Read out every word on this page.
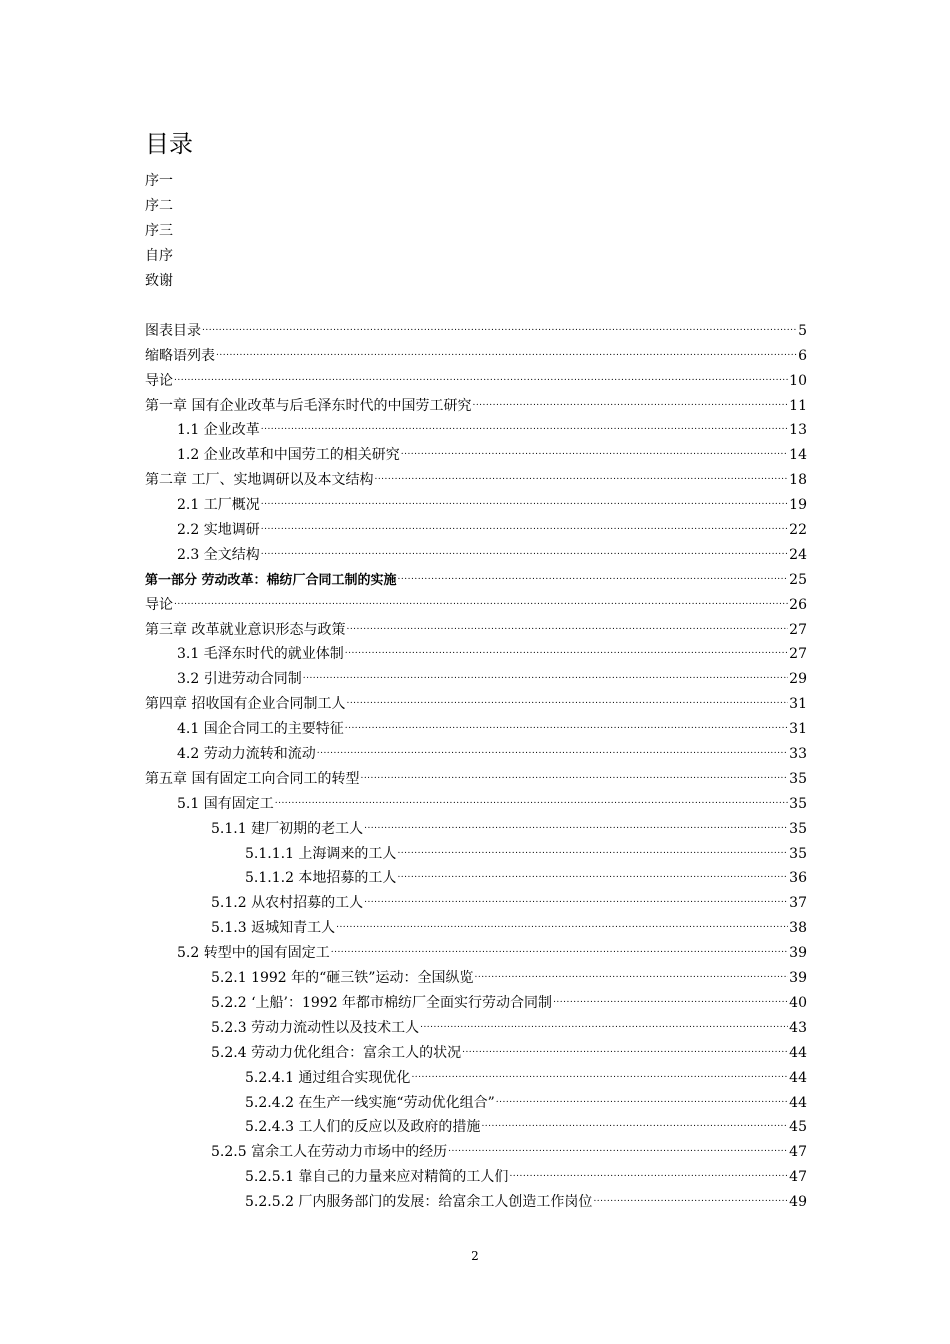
目录
序一
序二
序三
自序
致谢
图表目录 .....	5
缩略语列表 .....	6
导论 .....	10
第一章 国有企业改革与后毛泽东时代的中国劳工研究 .....	11
1.1 企业改革 .....	13
1.2 企业改革和中国劳工的相关研究 .....	14
第二章 工厂、实地调研以及本文结构 .....	18
2.1 工厂概况 .....	19
2.2 实地调研 .....	22
2.3 全文结构 .....	24
第一部分 劳动改革：棉纺厂合同工制的实施 .....	25
导论 .....	26
第三章 改革就业意识形态与政策 .....	27
3.1 毛泽东时代的就业体制 .....	27
3.2 引进劳动合同制 .....	29
第四章 招收国有企业合同制工人 .....	31
4.1 国企合同工的主要特征 .....	31
4.2 劳动力流转和流动 .....	33
第五章 国有固定工向合同工的转型 .....	35
5.1 国有固定工 .....	35
5.1.1 建厂初期的老工人 .....	35
5.1.1.1 上海调来的工人 .....	35
5.1.1.2 本地招募的工人 .....	36
5.1.2 从农村招募的工人 .....	37
5.1.3 返城知青工人 .....	38
5.2 转型中的国有固定工 .....	39
5.2.1 1992 年的“砸三铁”运动：全国纵览 .....	39
5.2.2 ‘上船’：1992 年都市棉纺厂全面实行劳动合同制 .....	40
5.2.3 劳动力流动性以及技术工人 .....	43
5.2.4 劳动力优化组合：富余工人的状况 .....	44
5.2.4.1 通过组合实现优化 .....	44
5.2.4.2 在生产一线实施“劳动优化组合” .....	44
5.2.4.3 工人们的反应以及政府的措施 .....	45
5.2.5 富余工人在劳动力市场中的经历 .....	47
5.2.5.1 靠自己的力量来应对精简的工人们 .....	47
5.2.5.2 厂内服务部门的发展：给富余工人创造工作岗位 .....	49
2
